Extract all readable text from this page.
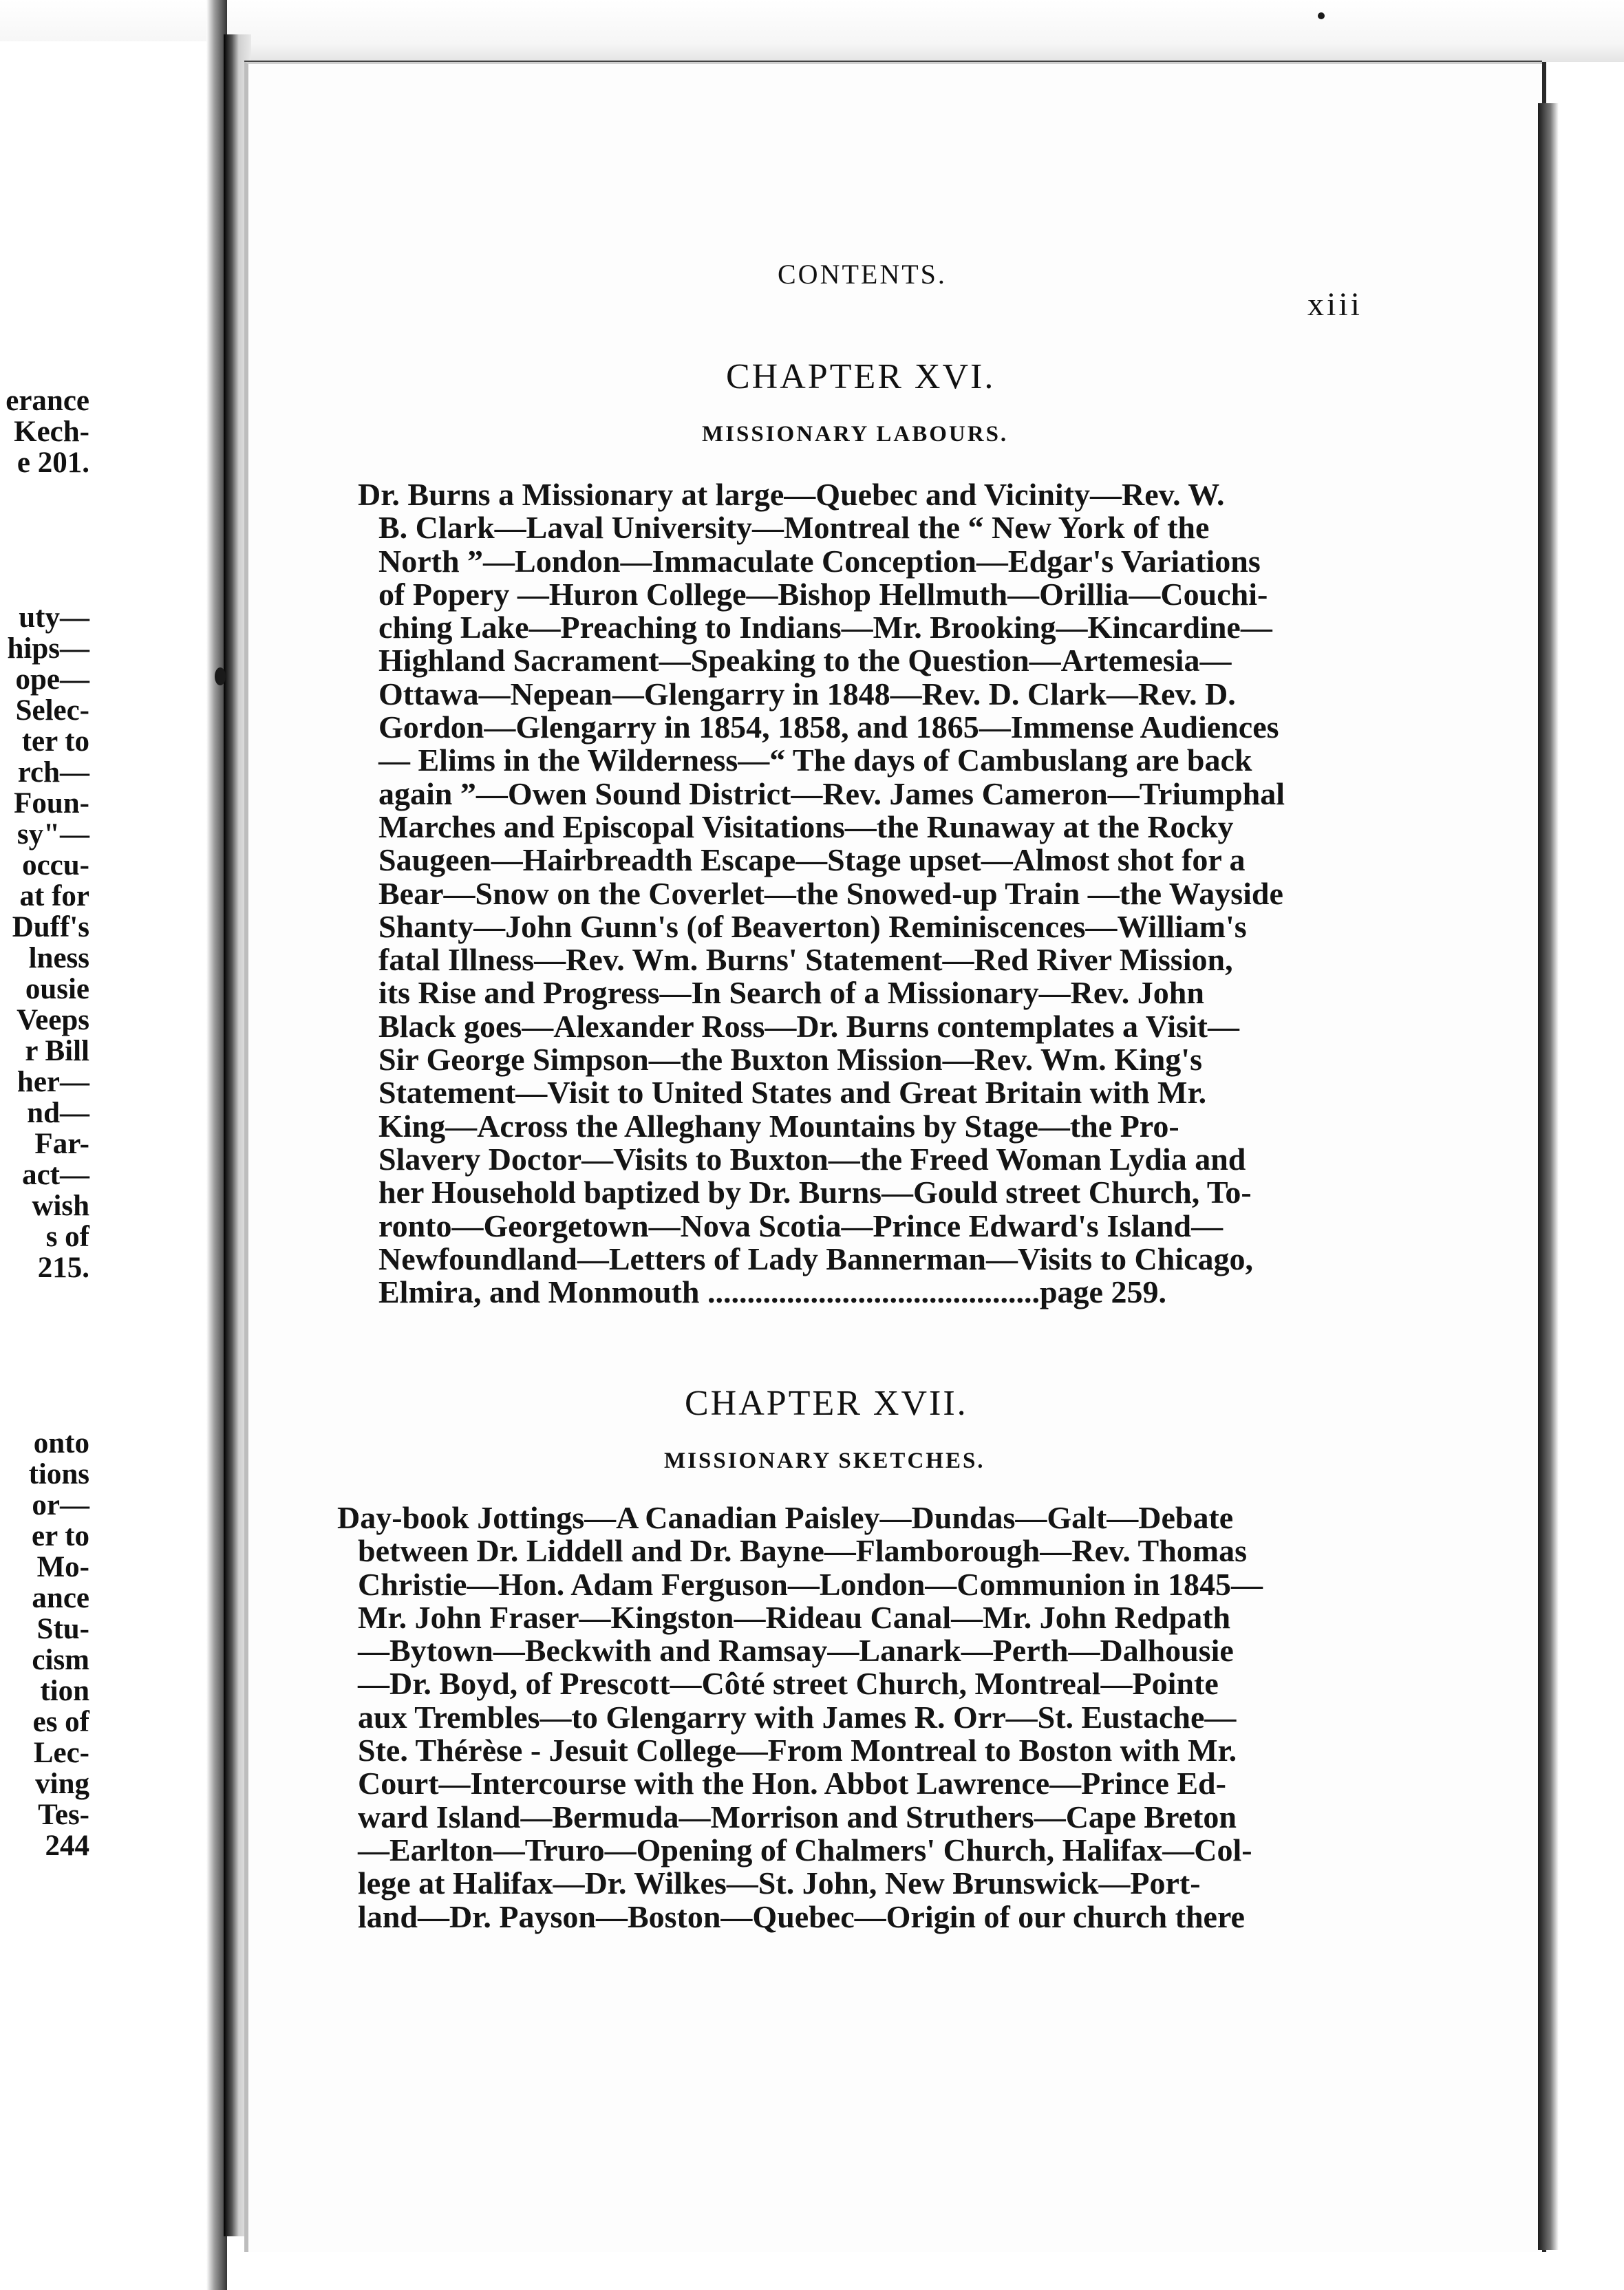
erance
Kech-
e 201.
uty—
hips—
ope—
Selec-
ter to
rch—
Foun-
sy"—
occu-
at for
Duff's
lness
ousie
Veeps
r Bill
her—
nd—
Far-
act—
wish
s of
215.
onto
tions
or—
er to
Mo-
ance
Stu-
cism
tion
es of
Lec-
ving
Tes-
244
CONTENTS.
xiii
CHAPTER XVI.
MISSIONARY LABOURS.
Dr. Burns a Missionary at large—Quebec and Vicinity—Rev. W.
B. Clark—Laval University—Montreal the “ New York of the
North ”—London—Immaculate Conception—Edgar's Variations
of Popery —Huron College—Bishop Hellmuth—Orillia—Couchi-
ching Lake—Preaching to Indians—Mr. Brooking—Kincardine—
Highland Sacrament—Speaking to the Question—Artemesia—
Ottawa—Nepean—Glengarry in 1848—Rev. D. Clark—Rev. D.
Gordon—Glengarry in 1854, 1858, and 1865—Immense Audiences
— Elims in the Wilderness—“ The days of Cambuslang are back
again ”—Owen Sound District—Rev. James Cameron—Triumphal
Marches and Episcopal Visitations—the Runaway at the Rocky
Saugeen—Hairbreadth Escape—Stage upset—Almost shot for a
Bear—Snow on the Coverlet—the Snowed-up Train —the Wayside
Shanty—John Gunn's (of Beaverton) Reminiscences—William's
fatal Illness—Rev. Wm. Burns' Statement—Red River Mission,
its Rise and Progress—In Search of a Missionary—Rev. John
Black goes—Alexander Ross—Dr. Burns contemplates a Visit—
Sir George Simpson—the Buxton Mission—Rev. Wm. King's
Statement—Visit to United States and Great Britain with Mr.
King—Across the Alleghany Mountains by Stage—the Pro-
Slavery Doctor—Visits to Buxton—the Freed Woman Lydia and
her Household baptized by Dr. Burns—Gould street Church, To-
ronto—Georgetown—Nova Scotia—Prince Edward's Island—
Newfoundland—Letters of Lady Bannerman—Visits to Chicago,
Elmira, and Monmouth ..........................................page 259.
CHAPTER XVII.
MISSIONARY SKETCHES.
Day-book Jottings—A Canadian Paisley—Dundas—Galt—Debate
between Dr. Liddell and Dr. Bayne—Flamborough—Rev. Thomas
Christie—Hon. Adam Ferguson—London—Communion in 1845—
Mr. John Fraser—Kingston—Rideau Canal—Mr. John Redpath
—Bytown—Beckwith and Ramsay—Lanark—Perth—Dalhousie
—Dr. Boyd, of Prescott—Côté street Church, Montreal—Pointe
aux Trembles—to Glengarry with James R. Orr—St. Eustache—
Ste. Thérèse - Jesuit College—From Montreal to Boston with Mr.
Court—Intercourse with the Hon. Abbot Lawrence—Prince Ed-
ward Island—Bermuda—Morrison and Struthers—Cape Breton
—Earlton—Truro—Opening of Chalmers' Church, Halifax—Col-
lege at Halifax—Dr. Wilkes—St. John, New Brunswick—Port-
land—Dr. Payson—Boston—Quebec—Origin of our church there
